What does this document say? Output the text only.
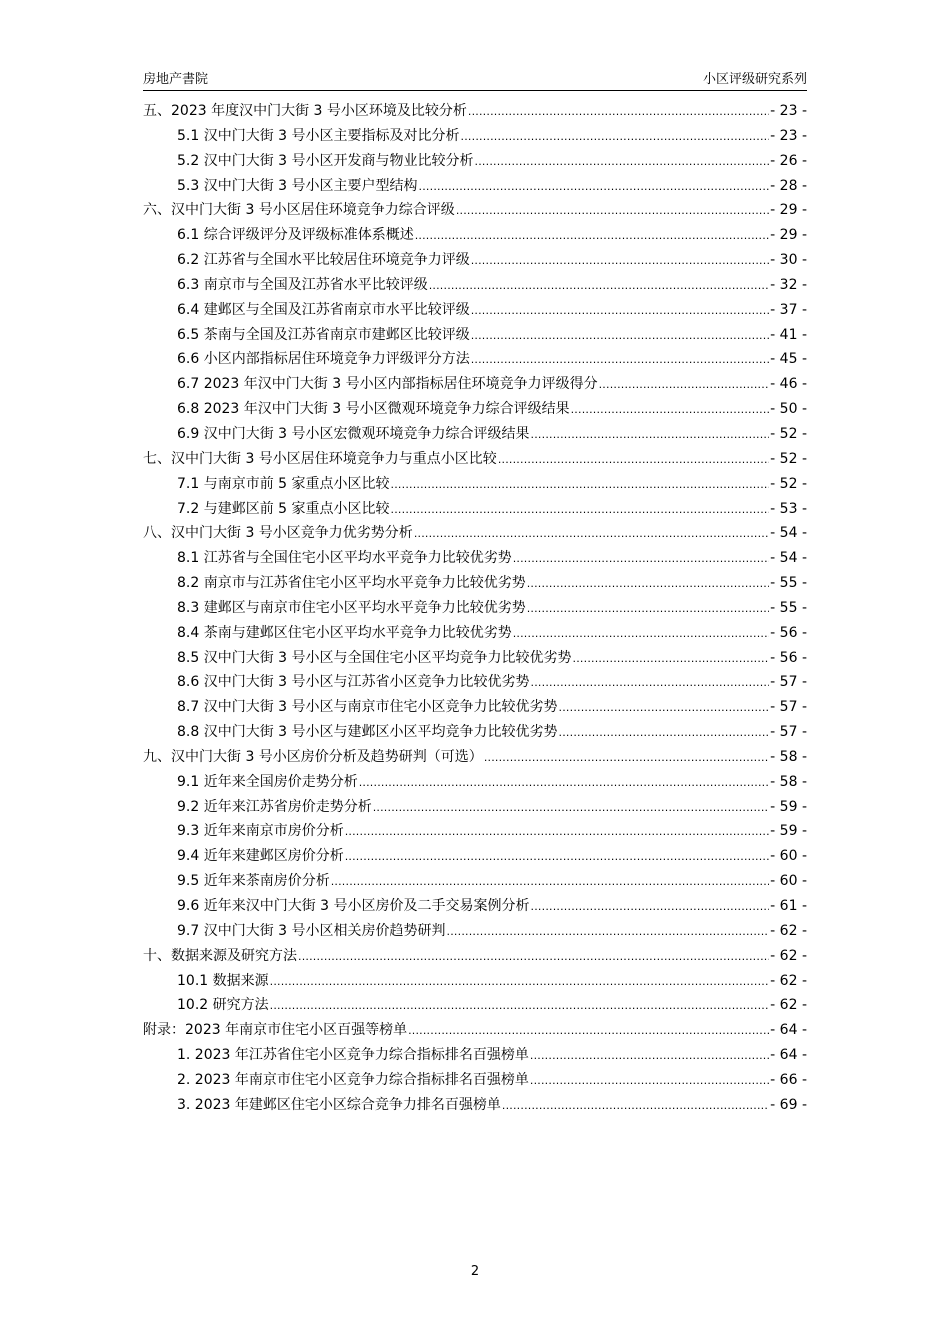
房地产書院	小区评级研究系列
五、2023 年度汉中门大街 3 号小区环境及比较分析 .....	- 23 -
5.1 汉中门大街 3 号小区主要指标及对比分析 .....	- 23 -
5.2 汉中门大街 3 号小区开发商与物业比较分析 .....	- 26 -
5.3 汉中门大街 3 号小区主要户型结构 .....	- 28 -
六、汉中门大街 3 号小区居住环境竞争力综合评级 .....	- 29 -
6.1 综合评级评分及评级标准体系概述 .....	- 29 -
6.2 江苏省与全国水平比较居住环境竞争力评级 .....	- 30 -
6.3 南京市与全国及江苏省水平比较评级 .....	- 32 -
6.4 建邺区与全国及江苏省南京市水平比较评级 .....	- 37 -
6.5 茶南与全国及江苏省南京市建邺区比较评级 .....	- 41 -
6.6 小区内部指标居住环境竞争力评级评分方法 .....	- 45 -
6.7 2023 年汉中门大街 3 号小区内部指标居住环境竞争力评级得分 .....	- 46 -
6.8 2023 年汉中门大街 3 号小区微观环境竞争力综合评级结果 .....	- 50 -
6.9 汉中门大街 3 号小区宏微观环境竞争力综合评级结果 .....	- 52 -
七、汉中门大街 3 号小区居住环境竞争力与重点小区比较 .....	- 52 -
7.1 与南京市前 5 家重点小区比较 .....	- 52 -
7.2 与建邺区前 5 家重点小区比较 .....	- 53 -
八、汉中门大街 3 号小区竞争力优劣势分析 .....	- 54 -
8.1 江苏省与全国住宅小区平均水平竞争力比较优劣势 .....	- 54 -
8.2 南京市与江苏省住宅小区平均水平竞争力比较优劣势 .....	- 55 -
8.3 建邺区与南京市住宅小区平均水平竞争力比较优劣势 .....	- 55 -
8.4 茶南与建邺区住宅小区平均水平竞争力比较优劣势 .....	- 56 -
8.5 汉中门大街 3 号小区与全国住宅小区平均竞争力比较优劣势 .....	- 56 -
8.6 汉中门大街 3 号小区与江苏省小区竞争力比较优劣势 .....	- 57 -
8.7 汉中门大街 3 号小区与南京市住宅小区竞争力比较优劣势 .....	- 57 -
8.8 汉中门大街 3 号小区与建邺区小区平均竞争力比较优劣势 .....	- 57 -
九、汉中门大街 3 号小区房价分析及趋势研判（可选） .....	- 58 -
9.1 近年来全国房价走势分析 .....	- 58 -
9.2 近年来江苏省房价走势分析 .....	- 59 -
9.3 近年来南京市房价分析 .....	- 59 -
9.4 近年来建邺区房价分析 .....	- 60 -
9.5 近年来茶南房价分析 .....	- 60 -
9.6 近年来汉中门大街 3 号小区房价及二手交易案例分析 .....	- 61 -
9.7 汉中门大街 3 号小区相关房价趋势研判 .....	- 62 -
十、数据来源及研究方法 .....	- 62 -
10.1 数据来源 .....	- 62 -
10.2 研究方法 .....	- 62 -
附录：2023 年南京市住宅小区百强等榜单 .....	- 64 -
1. 2023 年江苏省住宅小区竞争力综合指标排名百强榜单 .....	- 64 -
2. 2023 年南京市住宅小区竞争力综合指标排名百强榜单 .....	- 66 -
3. 2023 年建邺区住宅小区综合竞争力排名百强榜单 .....	- 69 -
2
